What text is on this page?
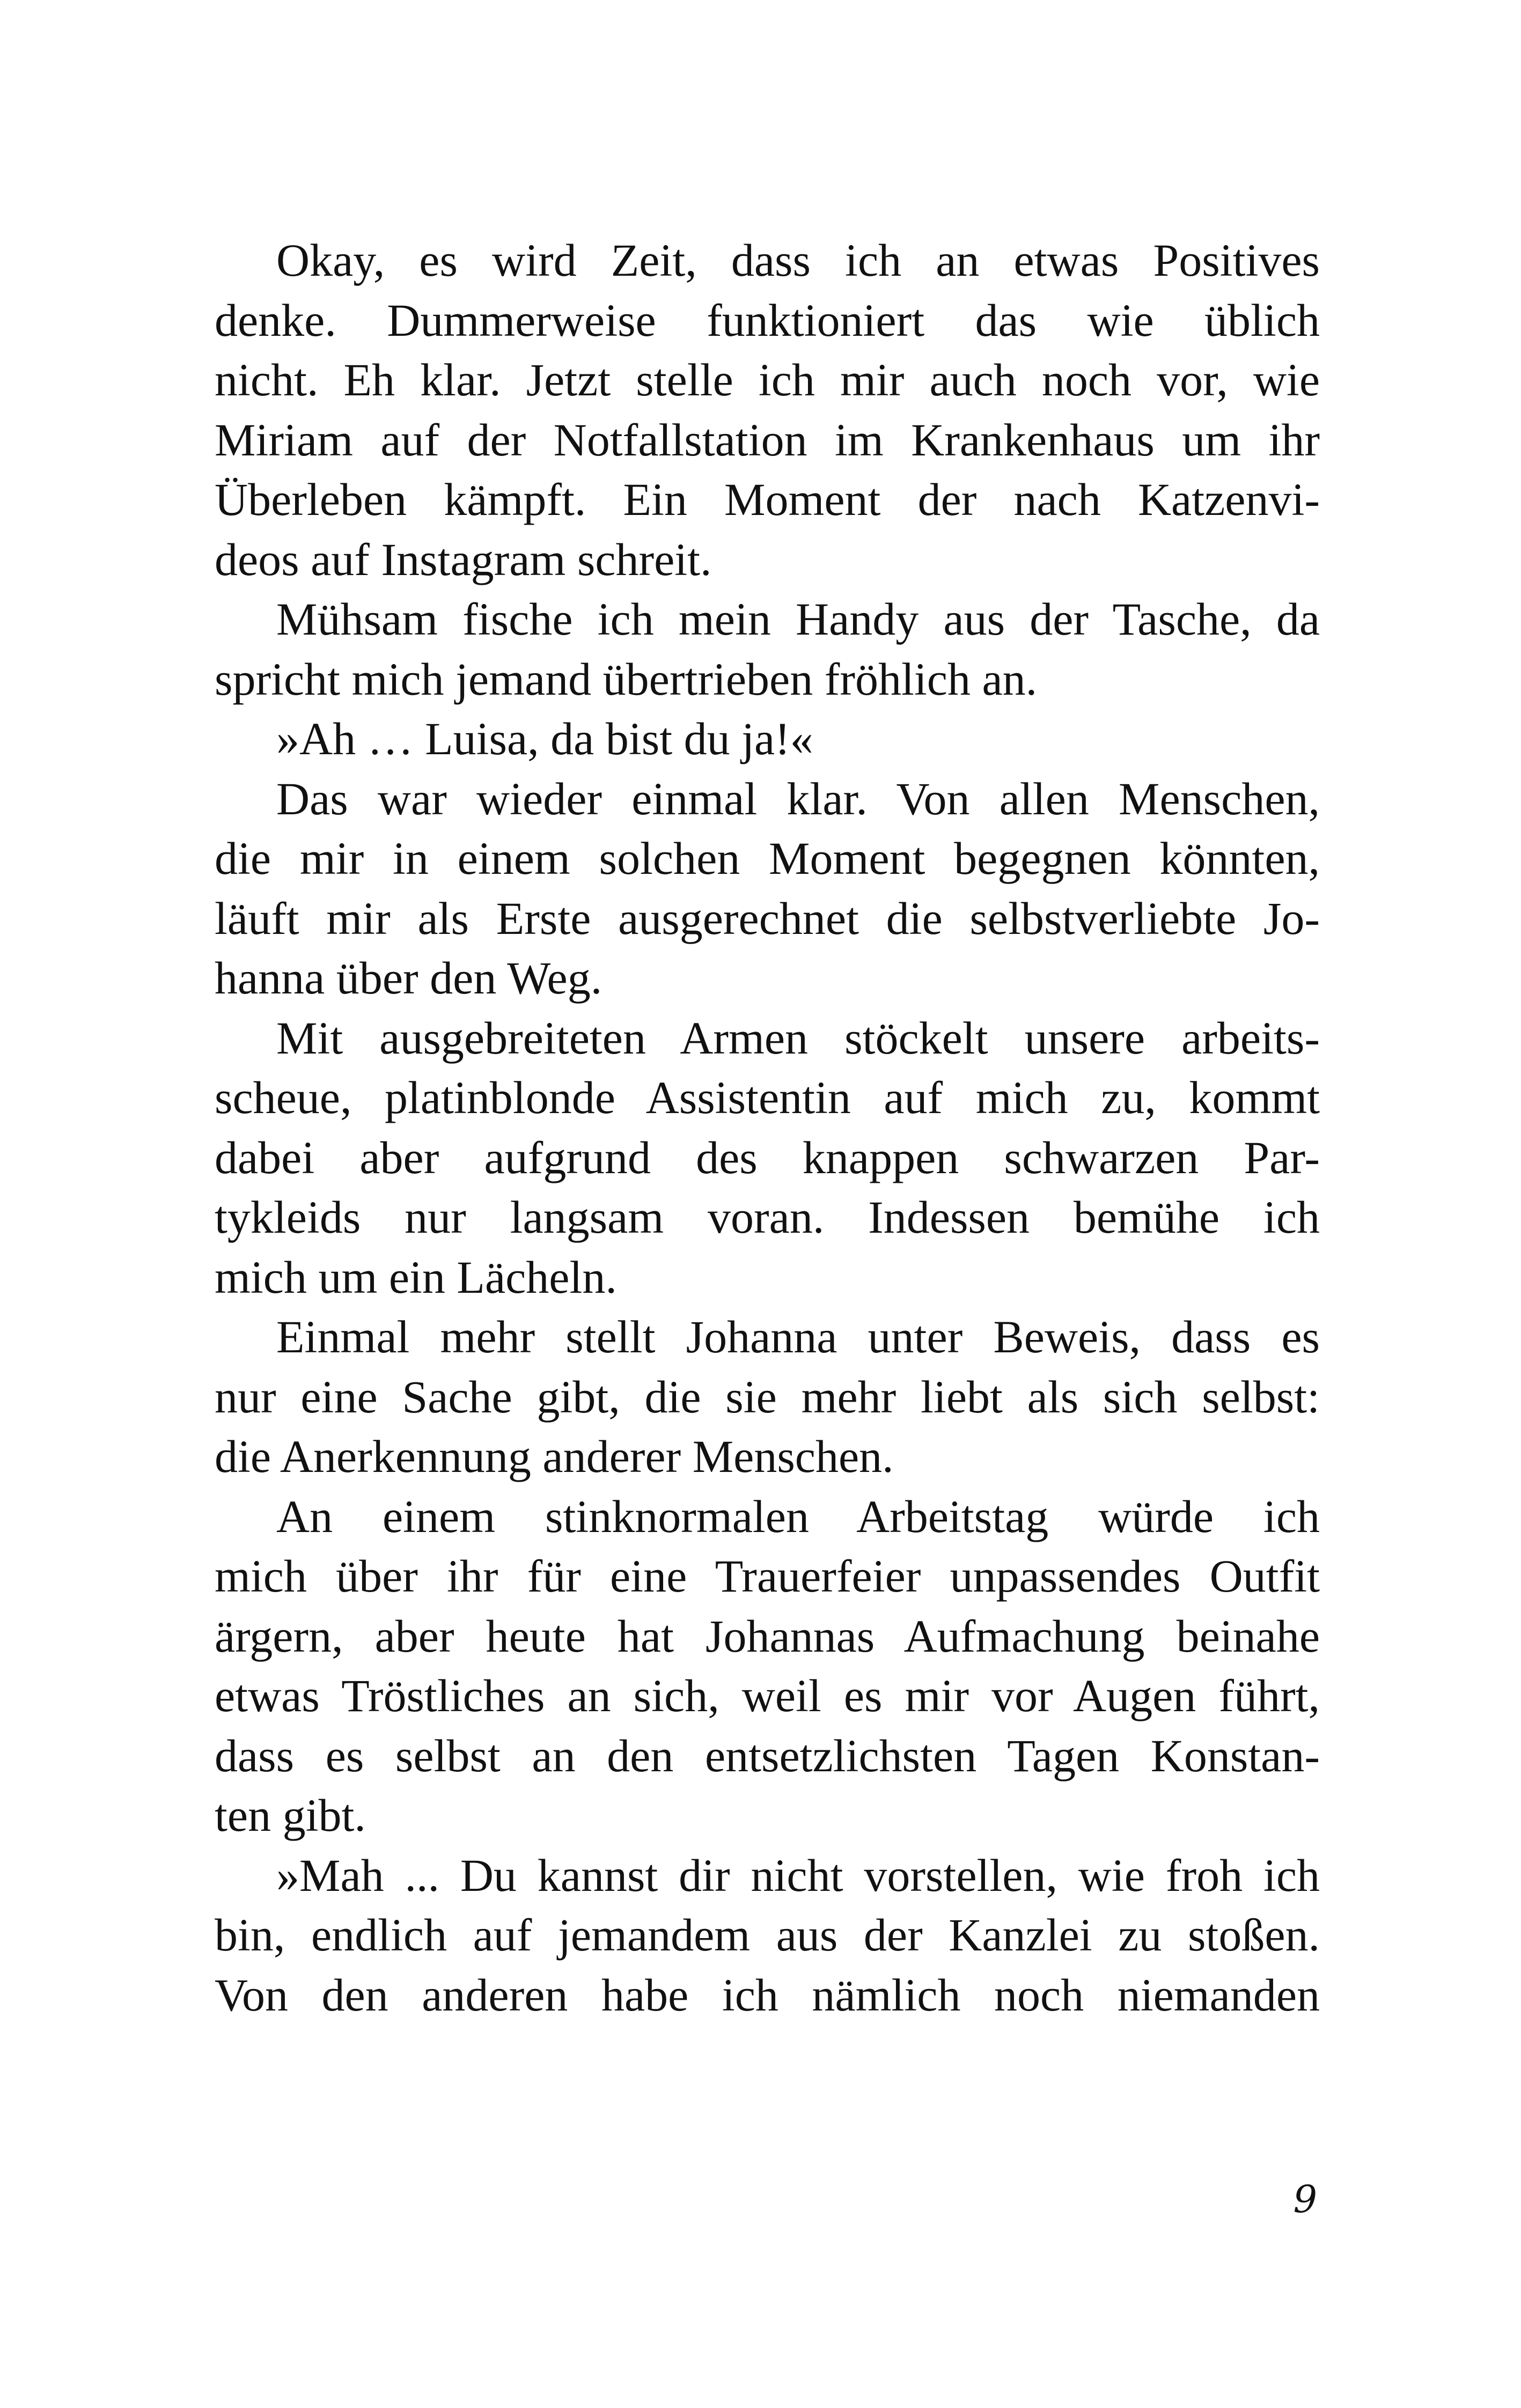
Okay, es wird Zeit, dass ich an etwas Positives
denke. Dummerweise funktioniert das wie üblich
nicht. Eh klar. Jetzt stelle ich mir auch noch vor, wie
Miriam auf der Notfallstation im Krankenhaus um ihr
Überleben kämpft. Ein Moment der nach Katzenvi-
deos auf Instagram schreit.
Mühsam fische ich mein Handy aus der Tasche, da
spricht mich jemand übertrieben fröhlich an.
»Ah … Luisa, da bist du ja!«
Das war wieder einmal klar. Von allen Menschen,
die mir in einem solchen Moment begegnen könnten,
läuft mir als Erste ausgerechnet die selbstverliebte Jo-
hanna über den Weg.
Mit ausgebreiteten Armen stöckelt unsere arbeits-
scheue, platinblonde Assistentin auf mich zu, kommt
dabei aber aufgrund des knappen schwarzen Par-
tykleids nur langsam voran. Indessen bemühe ich
mich um ein Lächeln.
Einmal mehr stellt Johanna unter Beweis, dass es
nur eine Sache gibt, die sie mehr liebt als sich selbst:
die Anerkennung anderer Menschen.
An einem stinknormalen Arbeitstag würde ich
mich über ihr für eine Trauerfeier unpassendes Outfit
ärgern, aber heute hat Johannas Aufmachung beinahe
etwas Tröstliches an sich, weil es mir vor Augen führt,
dass es selbst an den entsetzlichsten Tagen Konstan-
ten gibt.
»Mah ... Du kannst dir nicht vorstellen, wie froh ich
bin, endlich auf jemandem aus der Kanzlei zu stoßen.
Von den anderen habe ich nämlich noch niemanden
9
